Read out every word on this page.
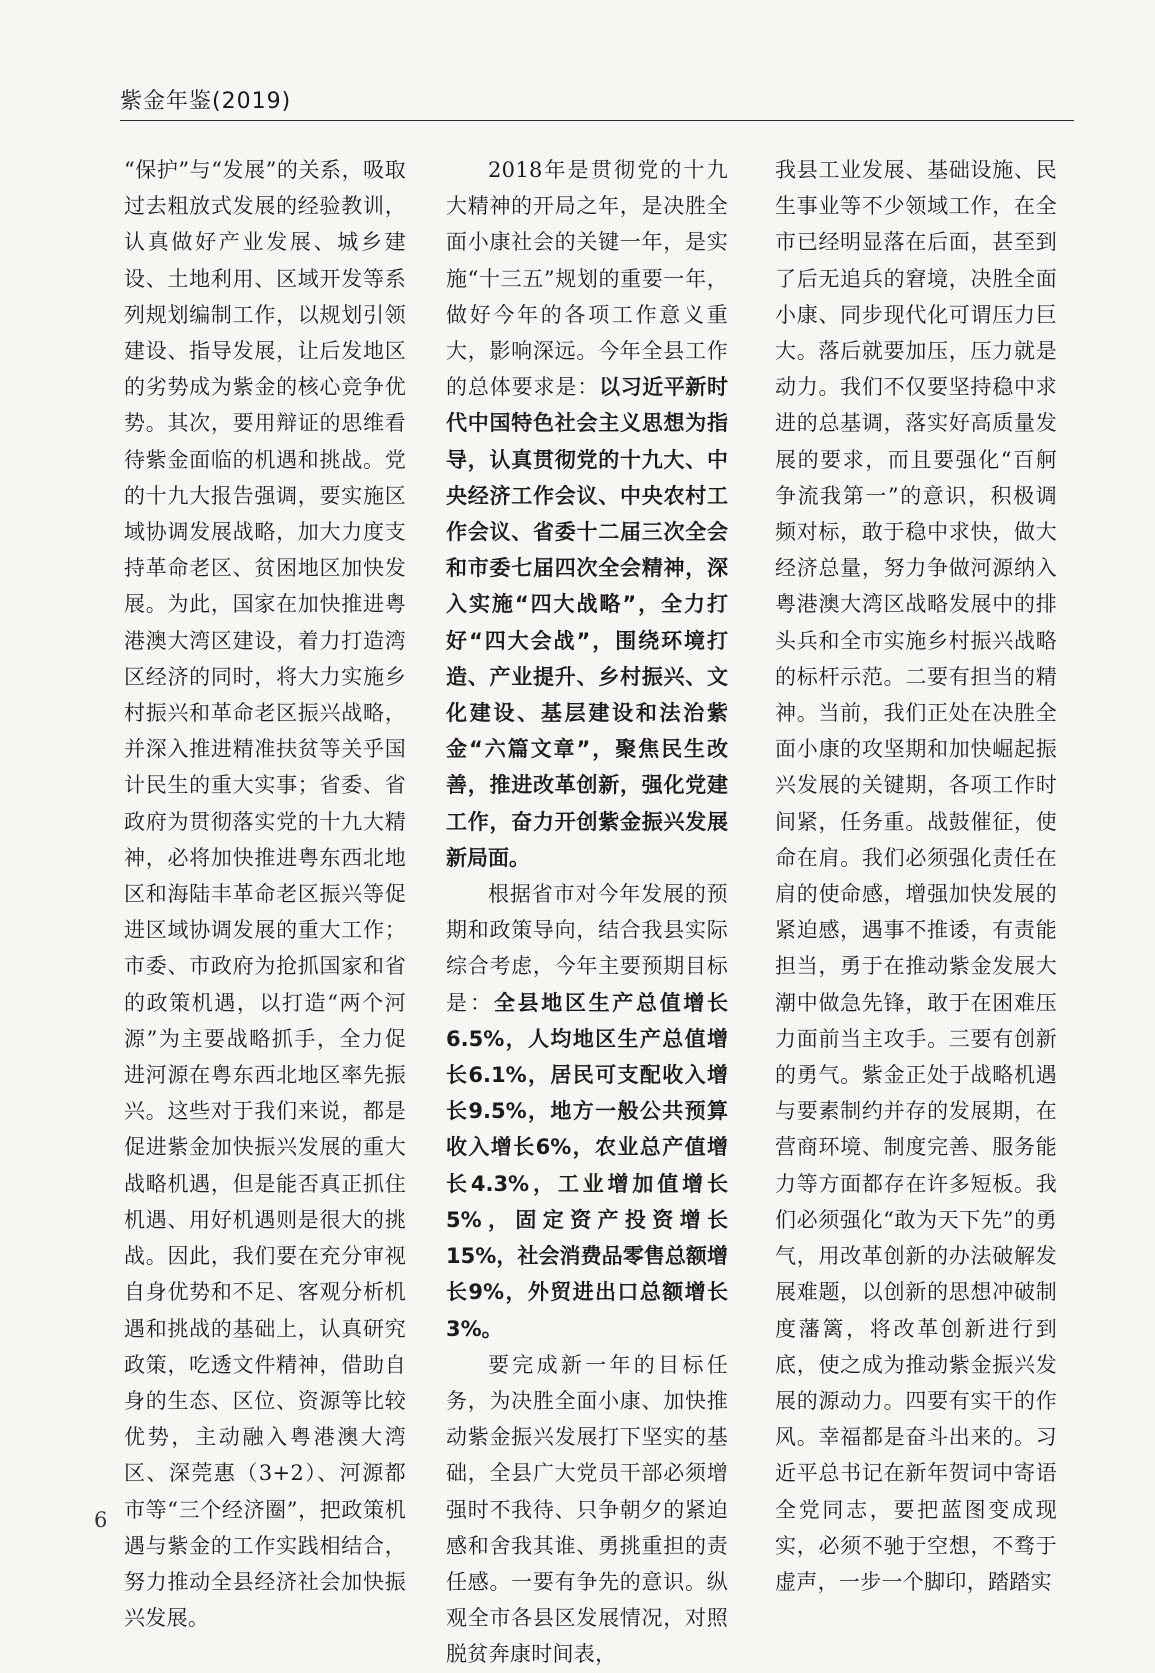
紫金年鉴(2019)

“保护”与“发展”的关系，吸取过去粗放式发展的经验教训，认真做好产业发展、城乡建设、土地利用、区域开发等系列规划编制工作，以规划引领建设、指导发展，让后发地区的劣势成为紫金的核心竞争优势。其次，要用辩证的思维看待紫金面临的机遇和挑战。党的十九大报告强调，要实施区域协调发展战略，加大力度支持革命老区、贫困地区加快发展。为此，国家在加快推进粤港澳大湾区建设，着力打造湾区经济的同时，将大力实施乡村振兴和革命老区振兴战略，并深入推进精准扶贫等关乎国计民生的重大实事；省委、省政府为贯彻落实党的十九大精神，必将加快推进粤东西北地区和海陆丰革命老区振兴等促进区域协调发展的重大工作；市委、市政府为抢抓国家和省的政策机遇，以打造“两个河源”为主要战略抓手，全力促进河源在粤东西北地区率先振兴。这些对于我们来说，都是促进紫金加快振兴发展的重大战略机遇，但是能否真正抓住机遇、用好机遇则是很大的挑战。因此，我们要在充分审视自身优势和不足、客观分析机遇和挑战的基础上，认真研究政策，吃透文件精神，借助自身的生态、区位、资源等比较优势，主动融入粤港澳大湾区、深莞惠（3+2）、河源都市等“三个经济圈”，把政策机遇与紫金的工作实践相结合，努力推动全县经济社会加快振兴发展。

2018年是贯彻党的十九大精神的开局之年，是决胜全面小康社会的关键一年，是实施“十三五”规划的重要一年，做好今年的各项工作意义重大，影响深远。今年全县工作的总体要求是：以习近平新时代中国特色社会主义思想为指导，认真贯彻党的十九大、中央经济工作会议、中央农村工作会议、省委十二届三次全会和市委七届四次全会精神，深入实施“四大战略”，全力打好“四大会战”，围绕环境打造、产业提升、乡村振兴、文化建设、基层建设和法治紫金“六篇文章”，聚焦民生改善，推进改革创新，强化党建工作，奋力开创紫金振兴发展新局面。

根据省市对今年发展的预期和政策导向，结合我县实际综合考虑，今年主要预期目标是：全县地区生产总值增长6.5%，人均地区生产总值增长6.1%，居民可支配收入增长9.5%，地方一般公共预算收入增长6%，农业总产值增长4.3%，工业增加值增长5%，固定资产投资增长15%，社会消费品零售总额增长9%，外贸进出口总额增长3%。

要完成新一年的目标任务，为决胜全面小康、加快推动紫金振兴发展打下坚实的基础，全县广大党员干部必须增强时不我待、只争朝夕的紧迫感和舍我其谁、勇挑重担的责任感。一要有争先的意识。纵观全市各县区发展情况，对照脱贫奔康时间表，

我县工业发展、基础设施、民生事业等不少领域工作，在全市已经明显落在后面，甚至到了后无追兵的窘境，决胜全面小康、同步现代化可谓压力巨大。落后就要加压，压力就是动力。我们不仅要坚持稳中求进的总基调，落实好高质量发展的要求，而且要强化“百舸争流我第一”的意识，积极调频对标，敢于稳中求快，做大经济总量，努力争做河源纳入粤港澳大湾区战略发展中的排头兵和全市实施乡村振兴战略的标杆示范。二要有担当的精神。当前，我们正处在决胜全面小康的攻坚期和加快崛起振兴发展的关键期，各项工作时间紧，任务重。战鼓催征，使命在肩。我们必须强化责任在肩的使命感，增强加快发展的紧迫感，遇事不推诿，有责能担当，勇于在推动紫金发展大潮中做急先锋，敢于在困难压力面前当主攻手。三要有创新的勇气。紫金正处于战略机遇与要素制约并存的发展期，在营商环境、制度完善、服务能力等方面都存在许多短板。我们必须强化“敢为天下先”的勇气，用改革创新的办法破解发展难题，以创新的思想冲破制度藩篱，将改革创新进行到底，使之成为推动紫金振兴发展的源动力。四要有实干的作风。幸福都是奋斗出来的。习近平总书记在新年贺词中寄语全党同志，要把蓝图变成现实，必须不驰于空想，不骛于虚声，一步一个脚印，踏踏实

6
